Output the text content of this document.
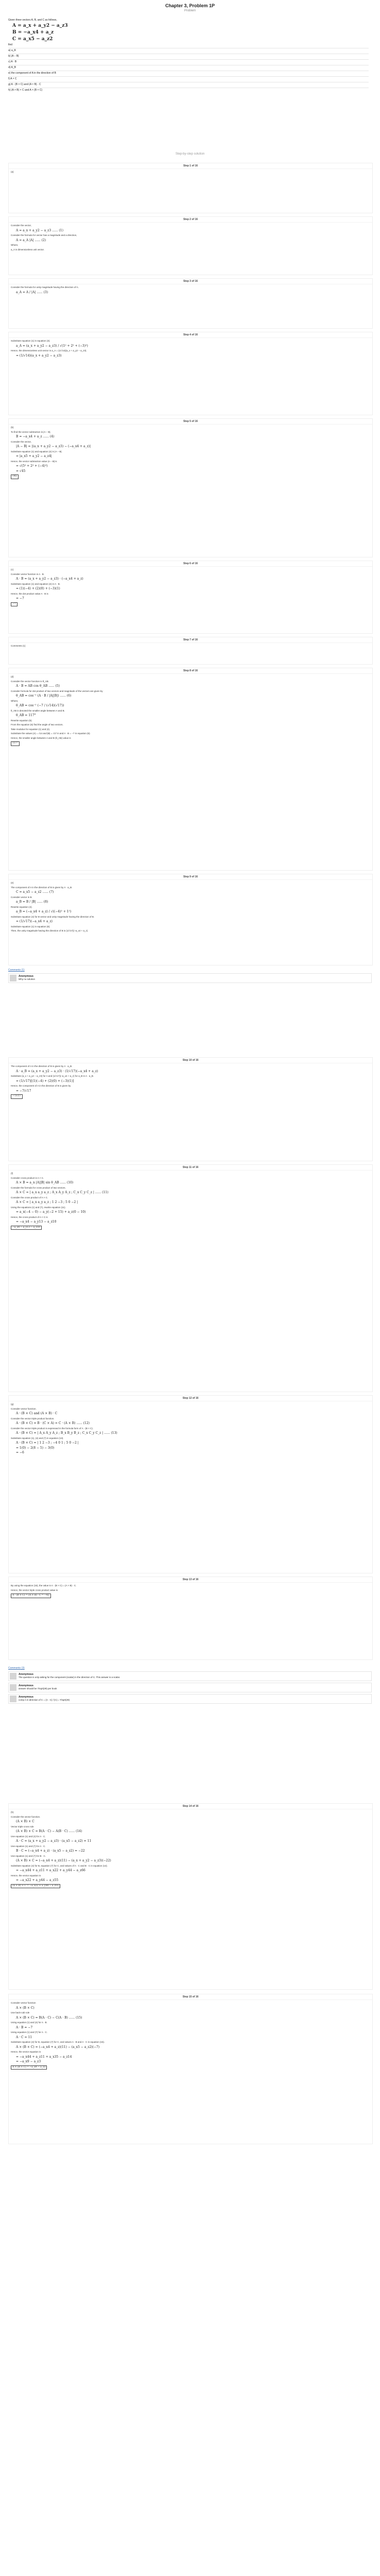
Chapter 3, Problem 1P
Problem
Given three vectors A, B, and C as follows,
A = a_x + a_y2 − a_z3
B = −a_x4 + a_z
C = a_x5 − a_z2
find
a) a_A
b) |A − B|
c) A · B
d) A_B
e) the component of A in the direction of B
f) A × C
g) A · (B × C) and (A × B) · C
h) (A × B) × C and A × (B × C)
Step-by-step solution
Step 1 of 16

(a)

Step 2 of 16

Consider the vector,

A = a_x + a_y2 − a_z3 ...... (1)

Consider the formula for vector has a magnitude and a direction,

A = a_A |A| ...... (2)

Where,

a_A is dimensionless unit vector.

Step 3 of 16

Consider the formula for unity magnitude having the direction of A.

a_A = A / |A| ...... (3)
Step 4 of 16

Substitute equation (1) in equation (3).

a_A = (a_x + a_y2 − a_z3) / √(1² + 2² + (−3)²)

Hence, the dimensionless unit vector is a_A = (1/√14)(a_x + a_y2 − a_z3).

= (1/√14)(a_x + a_y2 − a_z3)
Step 5 of 16

(b)

To find the vector subtraction is |A − B|.

B = −a_x4 + a_z ...... (4)

Consider the vector,

|A − B| = |(a_x + a_y2 − a_z3) − (−a_x4 + a_z)|

Substitute equation (1) and equation (4) in |A − B|.

= |a_x5 + a_y2 − a_z4|

Hence, the vector subtraction value |A − B| is

= √(5² + 2² + (−4)²)
= √45
√45
Step 6 of 16

(c)

Consider vector function is A · B.

A · B = (a_x + a_y2 − a_z3) · (−a_x4 + a_z)

Substitute equation (1) and equation (4) in A · B.

= (1)(−4) + (2)(0) + (−3)(1)

Hence, the dot product value A · B is

= −7
−7
Step 7 of 16

Comments (1)

Step 8 of 16

(d)

Consider the vector function is θ_AB.

A · B = AB cos θ_AB ...... (5)

Consider formula for dot product of two vectors and magnitude of the vectors are given by

θ_AB = cos⁻¹ (A · B / |A||B|) ...... (6)

Where,

θ_AB = cos⁻¹ (−7 / (√14)(√17))

θ_AB is denoted the smaller angle between A and B.

θ_AB = 117°

Rewrite equation (5).

From the equation (6) find the angle of two vectors.

Take modulus for equation (1) and (4).

Substitute the values |A| = √14 and |B| = √17 in and A · B = −7 in equation (6).

Hence, the smaller angle between A and B (θ_AB) value is

117°
Step 9 of 16

(e)

The component of A in the direction of B is given by A · a_B.

C = a_x5 − a_z2 ...... (7)

Consider vector in B.

a_B = B / |B| ...... (8)

Rewrite equation (4).

a_B = (−a_x4 + a_z) / √((−4)² + 1²)

Substitute equation (4) for B vector and unity magnitude having the direction of B.

= (1/√17)(−a_x4 + a_z)

Substitute equation (1) in equation (8).

Then, the unity magnitude having the direction of B is (1/√17)(−a_x4 + a_z).

Step 10 of 16

The component of A in the direction of B is given by A · a_B.

A · a_B = (a_x + a_y2 − a_z3) · (1/√17)(−a_x4 + a_z)

Substitute (a_x + a_y2 − a_z3) for A and (1/√17)(−a_x4 + a_z) for a_B in A · a_B.

= (1/√17)[(1)(−4) + (2)(0) + (−3)(1)]

Hence, the component of A in the direction of B is given by

= −7/√17
−7/√17
Step 11 of 16

(f)

Consider cross product is A × C.

A × B = a_n |A||B| sin θ_AB ...... (10)

Consider the formula for cross product of two vectors.

A × C = | a_x a_y a_z ; A_x A_y A_z ; C_x C_y C_z | ...... (11)

Consider the cross product of A × C.

A × C = | a_x a_y a_z ; 1 2 −3 ; 5 0 −2 |

Using the equations (1) and (7), rewrite equation (11).

= a_x(−4 − 0) − a_y(−2 + 15) + a_z(0 − 10)

Hence, the cross product of A × C is

= −a_x4 − a_y13 − a_z10
−a_x4 − a_y13 − a_z10
Step 12 of 16

(g)

Consider vector function.

A · (B × C) and (A × B) · C

Consider the vector triple product function.

A · (B × C) = B · (C × A) = C · (A × B) ...... (12)

Consider the vector triple product is expressed in the formula form of A · (B × C).

A · (B × C) = | A_x A_y A_z ; B_x B_y B_z ; C_x C_y C_z | ...... (13)

Substitute equation (1), (4) and (7) in equation (13).

A · (B × C) = | 1 2 −3 ; −4 0 1 ; 5 0 −2 |
= 1(0) − 2(8 − 5) − 3(0)
= −6
Step 13 of 16

By using the equation (15), the value is A · (B × C) = (A × B) · C.

Hence, the vector triple cross product value is

A · (B × C) = (A × B) · C = −42
Step 14 of 16

(h)

Consider the vector function.

(A × B) × C

Vector triple cross rule

(A × B) × C = B(A · C) − A(B · C) ...... (14)

Use equation (1) and (4) for A · C.

A · C = (a_x + a_y2 − a_z3) · (a_x5 − a_z2) = 11

Use equation (1) and (7) for A · C.

B · C = (−a_x4 + a_z) · (a_x5 − a_z2) = −22

Use equation (1) and (7) for B · C.

(A × B) × C = (−a_x4 + a_z)(11) − (a_x + a_y2 − a_z3)(−22)

Substitute equation (4) for B, equation (7) for C, and values of A · C and B · C in equation (14).

= −a_x44 + a_z11 + a_x22 + a_y44 − a_z66

Hence, the vector equation is

= −a_x22 + a_y44 − a_z55
(A × B) × C = −a_x22 + a_y44 − a_z55
Step 15 of 16

Consider vector function

A × (B × C)

Use back-cab rule

A × (B × C) = B(A · C) − C(A · B) ...... (15)

Using equation (1) and (4) for A · B.

A · B = −7

Using equation (1) and (7) for A · C.

A · C = 11

Substitute equation (4) for B, equation (7) for C, and values A · B and A · C in equation (15).

A × (B × C) = (−a_x4 + a_z)(11) − (a_x5 − a_z2)(−7)

Hence, the vector equation is

= −a_x44 + a_z11 + a_x35 − a_z14
= −a_x9 − a_z3
A × (B × C) = −a_x9 − a_z3
Comments (1)
Anonymous
Why no solution
Comments (3)
Anonymous
The question is only asking for the component (scalar) in the direction of C. This answer is a scalar.
Anonymous
answer should be 7/sqrt(29) per book
Anonymous
comp A in direction of C = (A · C) / |C| = 7/sqrt(29)
